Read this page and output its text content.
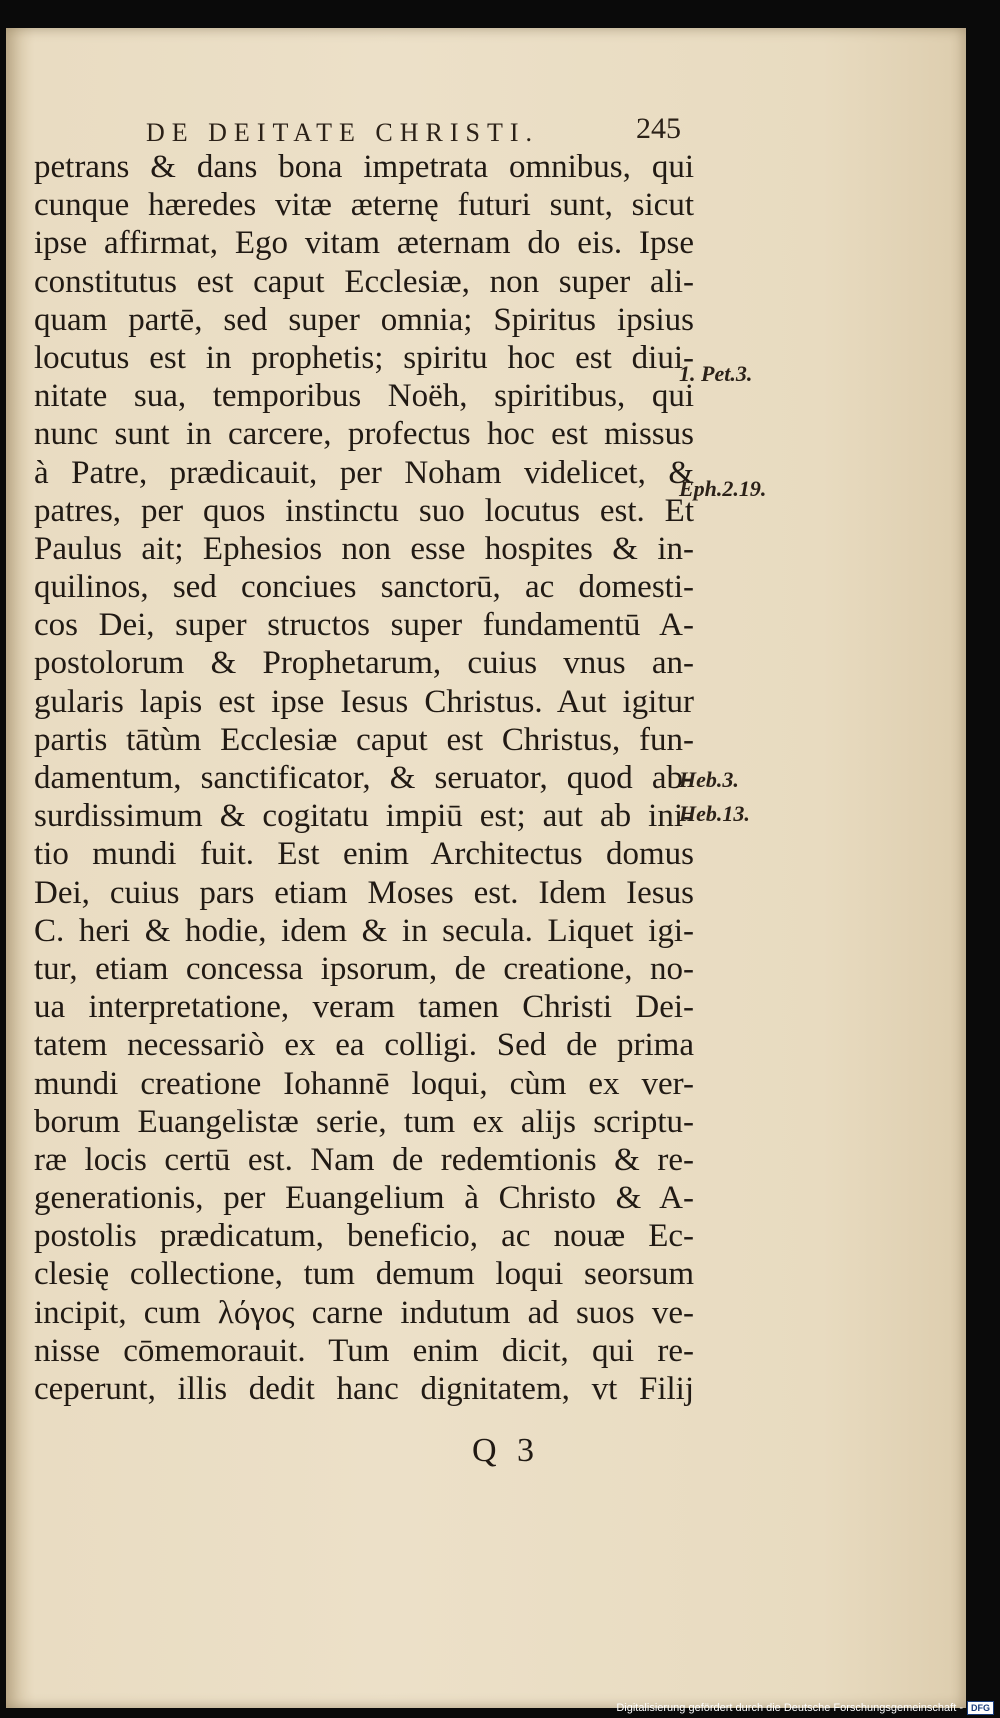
DE DEITATE CHRISTI.	245
petrans & dans bona impetrata omnibus, qui
cunque hæredes vitæ æternę futuri sunt, sicut
ipse affirmat, Ego vitam æternam do eis. Ipse
constitutus est caput Ecclesiæ, non super ali-
quam partē, sed super omnia; Spiritus ipsius
locutus est in prophetis; spiritu hoc est diui-
nitate sua, temporibus Noëh, spiritibus, qui
nunc sunt in carcere, profectus hoc est missus
à Patre, prædicauit, per Noham videlicet, &
patres, per quos instinctu suo locutus est. Et
Paulus ait; Ephesios non esse hospites & in-
quilinos, sed conciues sanctorū, ac domesti-
cos Dei, super structos super fundamentū A-
postolorum & Prophetarum, cuius vnus an-
gularis lapis est ipse Iesus Christus. Aut igitur
partis tātùm Ecclesiæ caput est Christus, fun-
damentum, sanctificator, & seruator, quod ab-
surdissimum & cogitatu impiū est; aut ab ini-
tio mundi fuit. Est enim Architectus domus
Dei, cuius pars etiam Moses est. Idem Iesus
C. heri & hodie, idem & in secula. Liquet igi-
tur, etiam concessa ipsorum, de creatione, no-
ua interpretatione, veram tamen Christi Dei-
tatem necessariò ex ea colligi. Sed de prima
mundi creatione Iohannē loqui, cùm ex ver-
borum Euangelistæ serie, tum ex alijs scriptu-
ræ locis certū est. Nam de redemtionis & re-
generationis, per Euangelium à Christo & A-
postolis prædicatum, beneficio, ac nouæ Ec-
clesię collectione, tum demum loqui seorsum
incipit, cum λόγος carne indutum ad suos ve-
nisse cōmemorauit. Tum enim dicit, qui re-
ceperunt, illis dedit hanc dignitatem, vt Filij
1. Pet.3.
Eph.2.19.
Heb.3.
Heb.13.
Q 3
Digitalisierung gefördert durch die Deutsche Forschungsgemeinschaft - DFG
